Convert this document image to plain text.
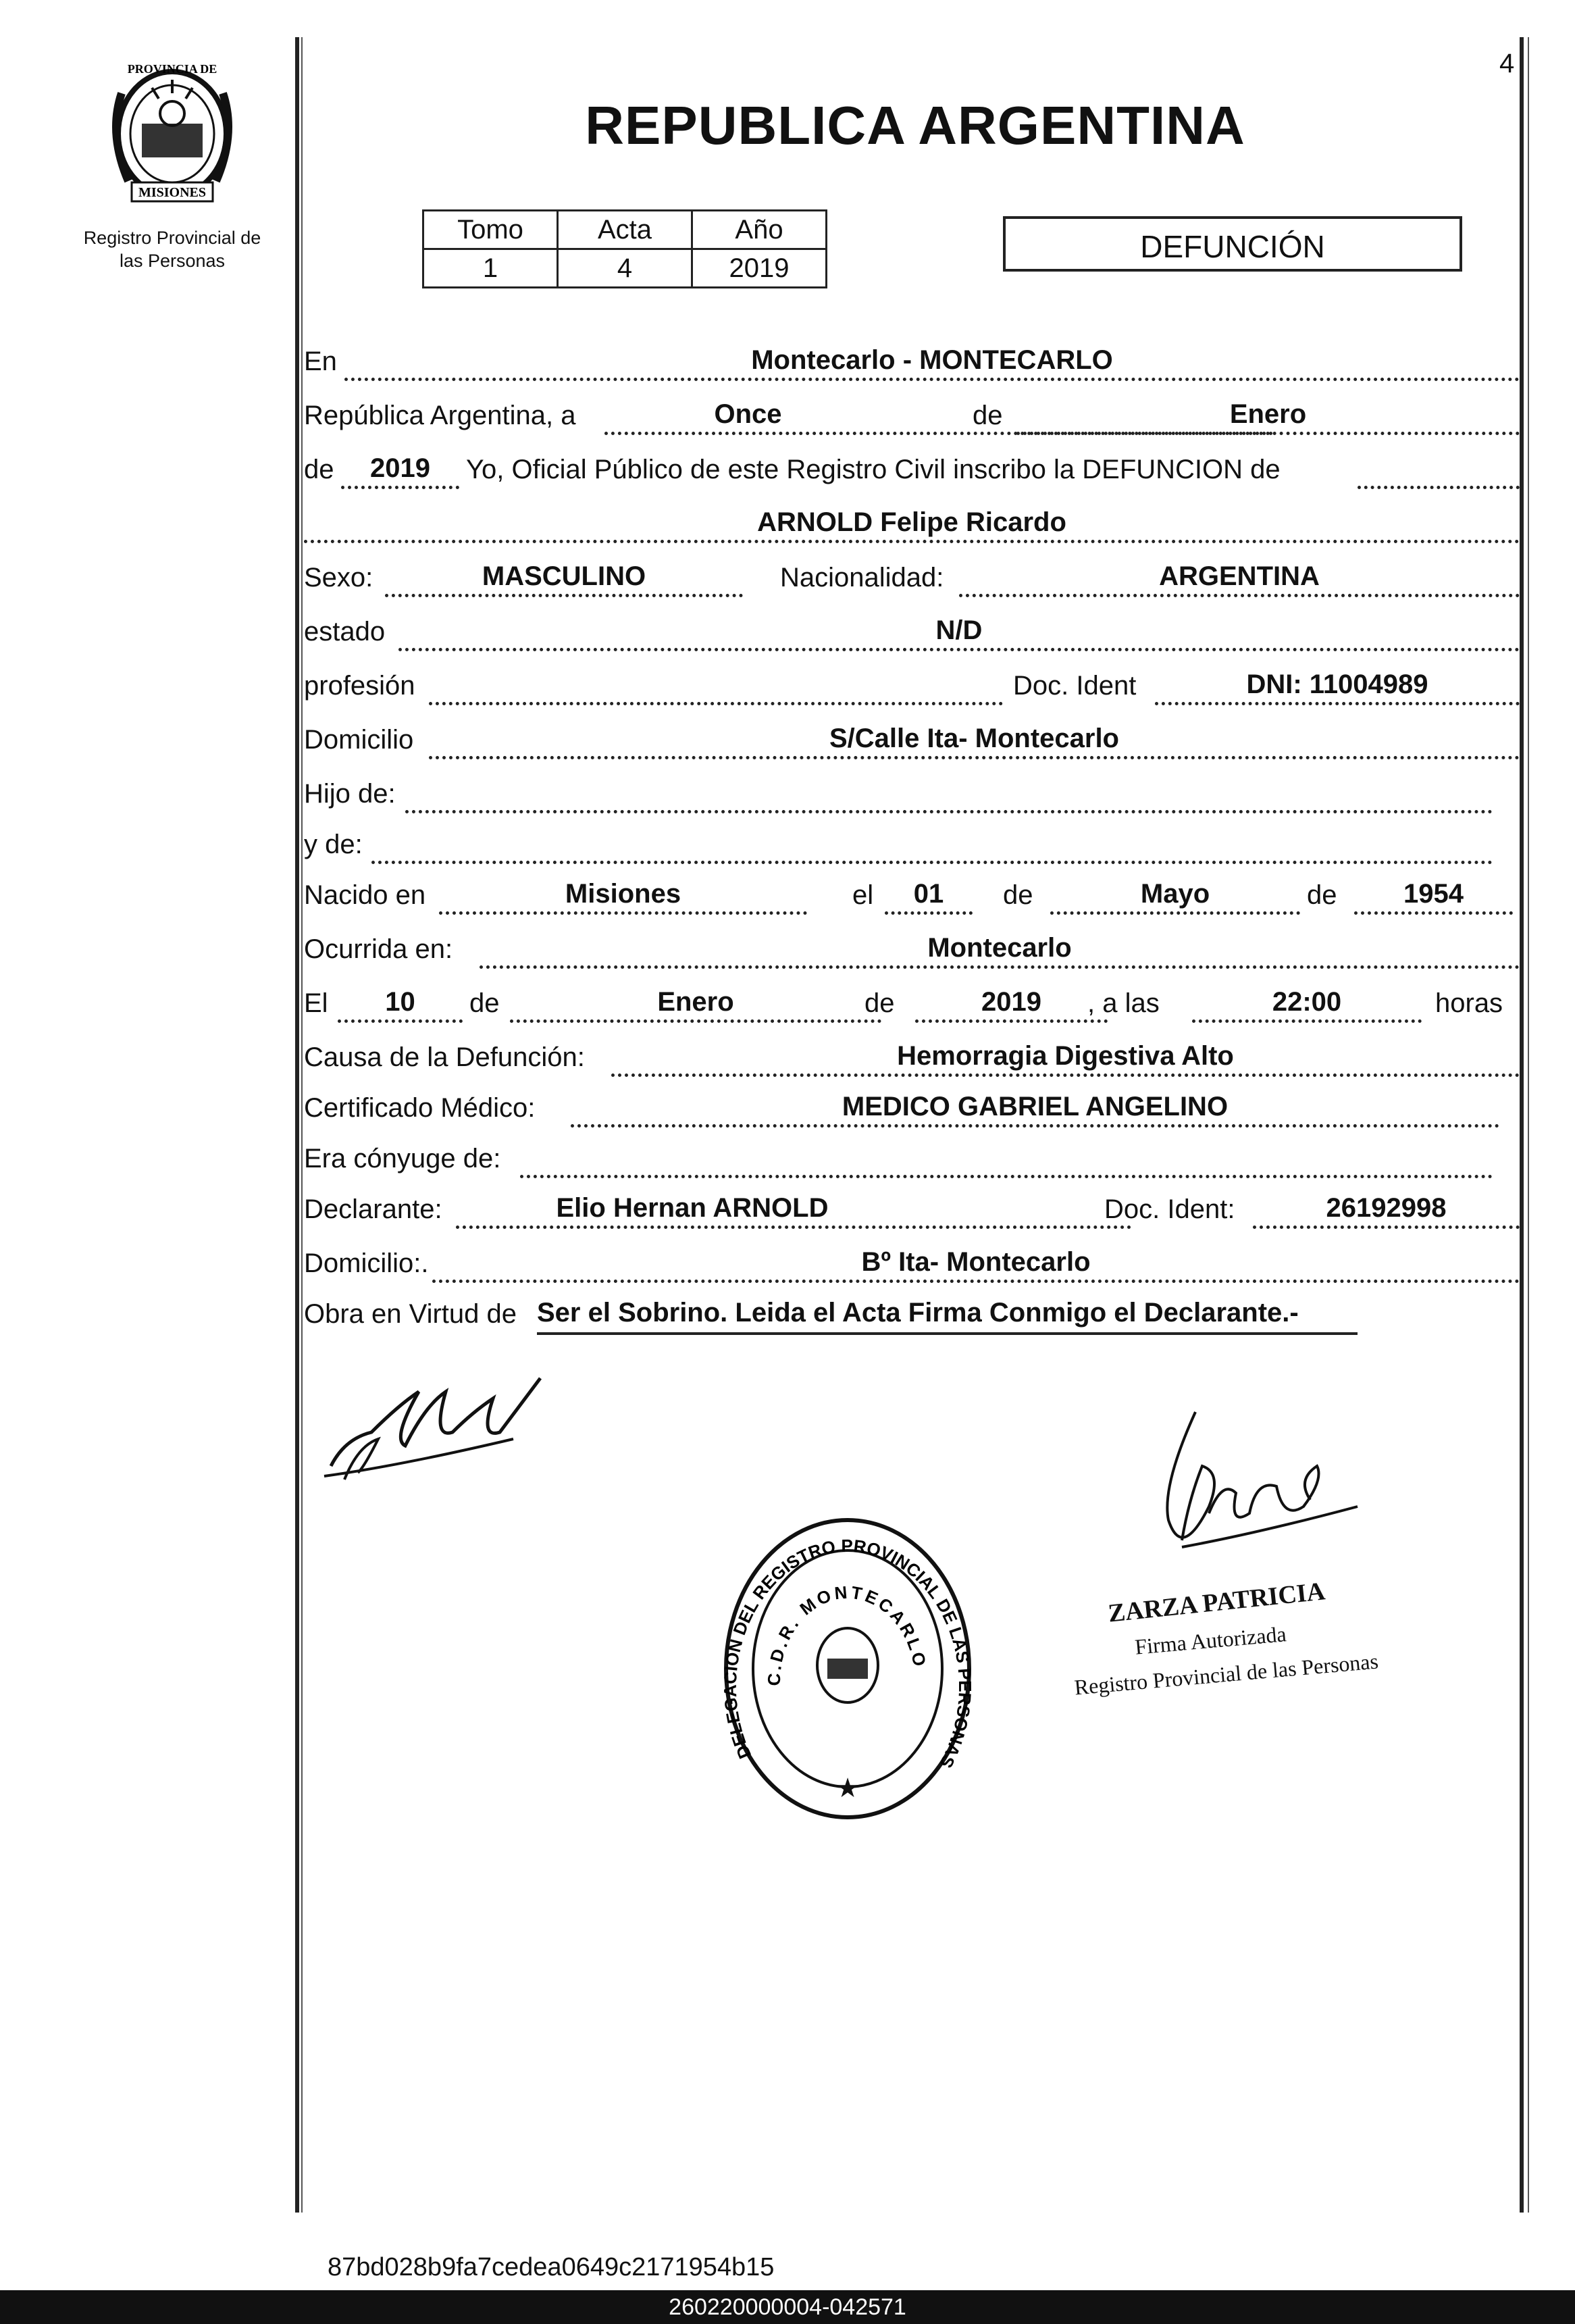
4
PROVINCIA DE
MISIONES
Registro Provincial de
las Personas
REPUBLICA ARGENTINA
Tomo	Acta	Año
1	4	2019
DEFUNCIÓN
En	Montecarlo - MONTECARLO
República Argentina, a	Once	de	Enero
de	2019	Yo, Oficial Público de este Registro Civil inscribo la DEFUNCION de
ARNOLD Felipe Ricardo
Sexo:	MASCULINO	Nacionalidad:	ARGENTINA
estado	N/D
profesión	Doc. Ident	DNI: 11004989
Domicilio	S/Calle Ita- Montecarlo
Hijo de:
y de:
Nacido en	Misiones	el	01	de	Mayo	de	1954
Ocurrida en:	Montecarlo
El	10	de	Enero	de	2019	, a las	22:00	horas
Causa de la Defunción:	Hemorragia Digestiva Alto
Certificado Médico:	MEDICO GABRIEL ANGELINO
Era cónyuge de:
Declarante:	Elio Hernan ARNOLD	Doc. Ident:	26192998
Domicilio:.	Bº Ita- Montecarlo
Obra en Virtud de Ser el Sobrino. Leida el Acta Firma Conmigo el Declarante.-
DELEGACION DEL REGISTRO PROVINCIAL DE LAS PERSONAS
C.D.R. MONTECARLO
★
ZARZA PATRICIA
Firma Autorizada
Registro Provincial de las Personas
87bd028b9fa7cedea0649c2171954b15
260220000004-042571
